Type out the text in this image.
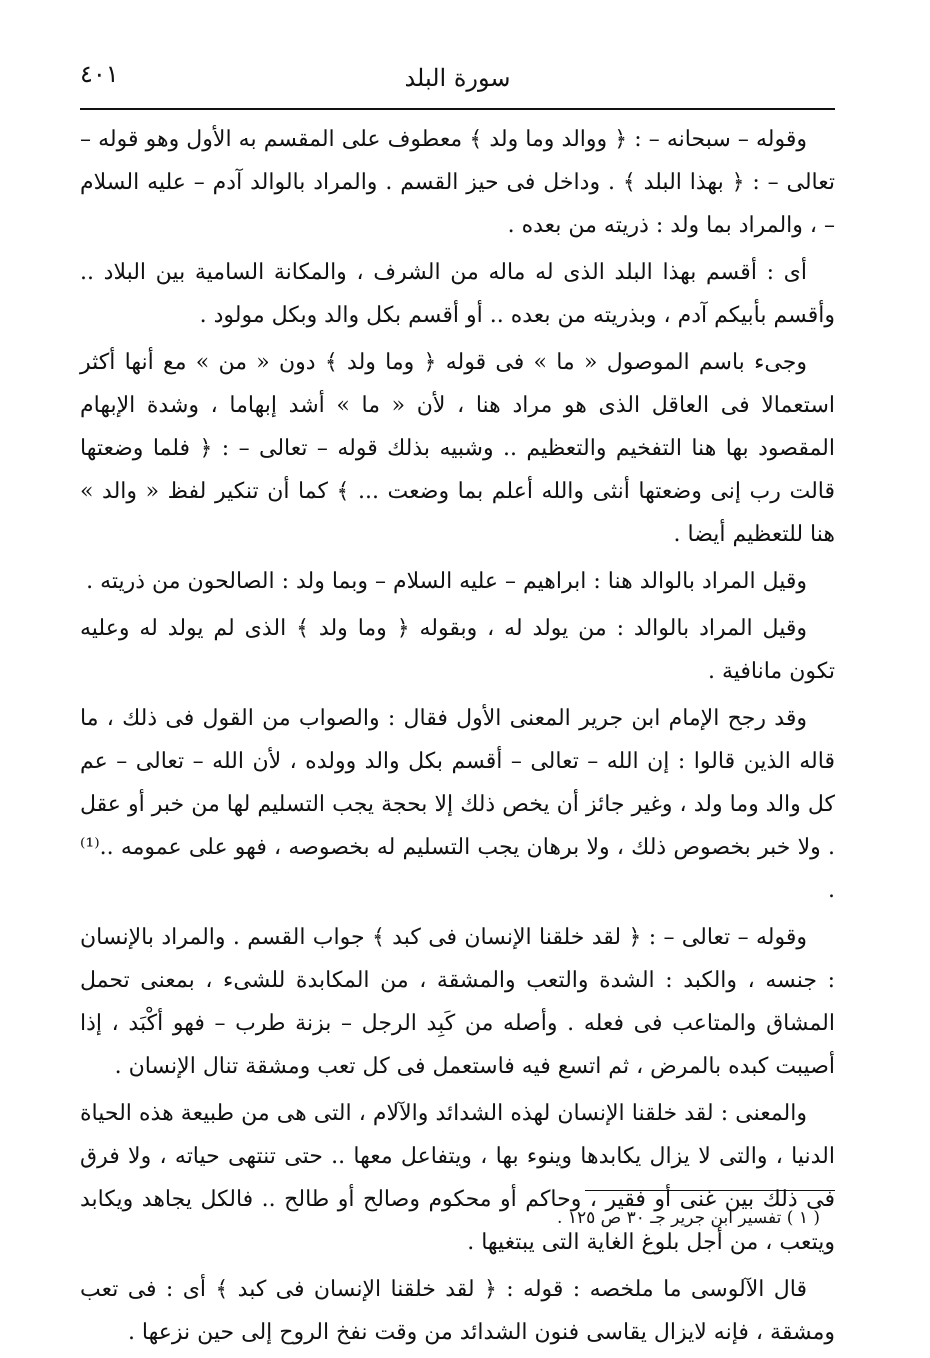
سورة البلد
٤٠١

وقوله – سبحانه – : ﴿ ووالد وما ولد ﴾ معطوف على المقسم به الأول وهو قوله – تعالى – : ﴿ بهذا البلد ﴾ . وداخل فى حيز القسم . والمراد بالوالد آدم – عليه السلام – ، والمراد بما ولد : ذريته من بعده .

أى : أقسم بهذا البلد الذى له ماله من الشرف ، والمكانة السامية بين البلاد .. وأقسم بأبيكم آدم ، وبذريته من بعده .. أو أقسم بكل والد وبكل مولود .

وجىء باسم الموصول « ما » فى قوله ﴿ وما ولد ﴾ دون « من » مع أنها أكثر استعمالا فى العاقل الذى هو مراد هنا ، لأن « ما » أشد إبهاما ، وشدة الإبهام المقصود بها هنا التفخيم والتعظيم .. وشبيه بذلك قوله – تعالى – : ﴿ فلما وضعتها قالت رب إنى وضعتها أنثى والله أعلم بما وضعت ... ﴾ كما أن تنكير لفظ « والد » هنا للتعظيم أيضا .

وقيل المراد بالوالد هنا : ابراهيم – عليه السلام – وبما ولد : الصالحون من ذريته .

وقيل المراد بالوالد : من يولد له ، وبقوله ﴿ وما ولد ﴾ الذى لم يولد له وعليه تكون مانافية .

وقد رجح الإمام ابن جرير المعنى الأول فقال : والصواب من القول فى ذلك ، ما قاله الذين قالوا : إن الله – تعالى – أقسم بكل والد وولده ، لأن الله – تعالى – عم كل والد وما ولد ، وغير جائز أن يخص ذلك إلا بحجة يجب التسليم لها من خبر أو عقل . ولا خبر بخصوص ذلك ، ولا برهان يجب التسليم له بخصوصه ، فهو على عمومه ..⁽¹⁾ .

وقوله – تعالى – : ﴿ لقد خلقنا الإنسان فى كبد ﴾ جواب القسم . والمراد بالإنسان : جنسه ، والكبد : الشدة والتعب والمشقة ، من المكابدة للشىء ، بمعنى تحمل المشاق والمتاعب فى فعله . وأصله من كَبِد الرجل – بزنة طرب – فهو أكْبَد ، إذا أصيبت كبده بالمرض ، ثم اتسع فيه فاستعمل فى كل تعب ومشقة تنال الإنسان .

والمعنى : لقد خلقنا الإنسان لهذه الشدائد والآلام ، التى هى من طبيعة هذه الحياة الدنيا ، والتى لا يزال يكابدها وينوء بها ، ويتفاعل معها .. حتى تنتهى حياته ، ولا فرق فى ذلك بين غنى أو فقير ، وحاكم أو محكوم وصالح أو طالح .. فالكل يجاهد ويكابد ويتعب ، من أجل بلوغ الغاية التى يبتغيها .

قال الآلوسى ما ملخصه : قوله : ﴿ لقد خلقنا الإنسان فى كبد ﴾ أى : فى تعب ومشقة ، فإنه لايزال يقاسى فنون الشدائد من وقت نفخ الروح إلى حين نزعها .

( ١ ) تفسير ابن جرير جـ ٣٠ ص ١٢٥ .
